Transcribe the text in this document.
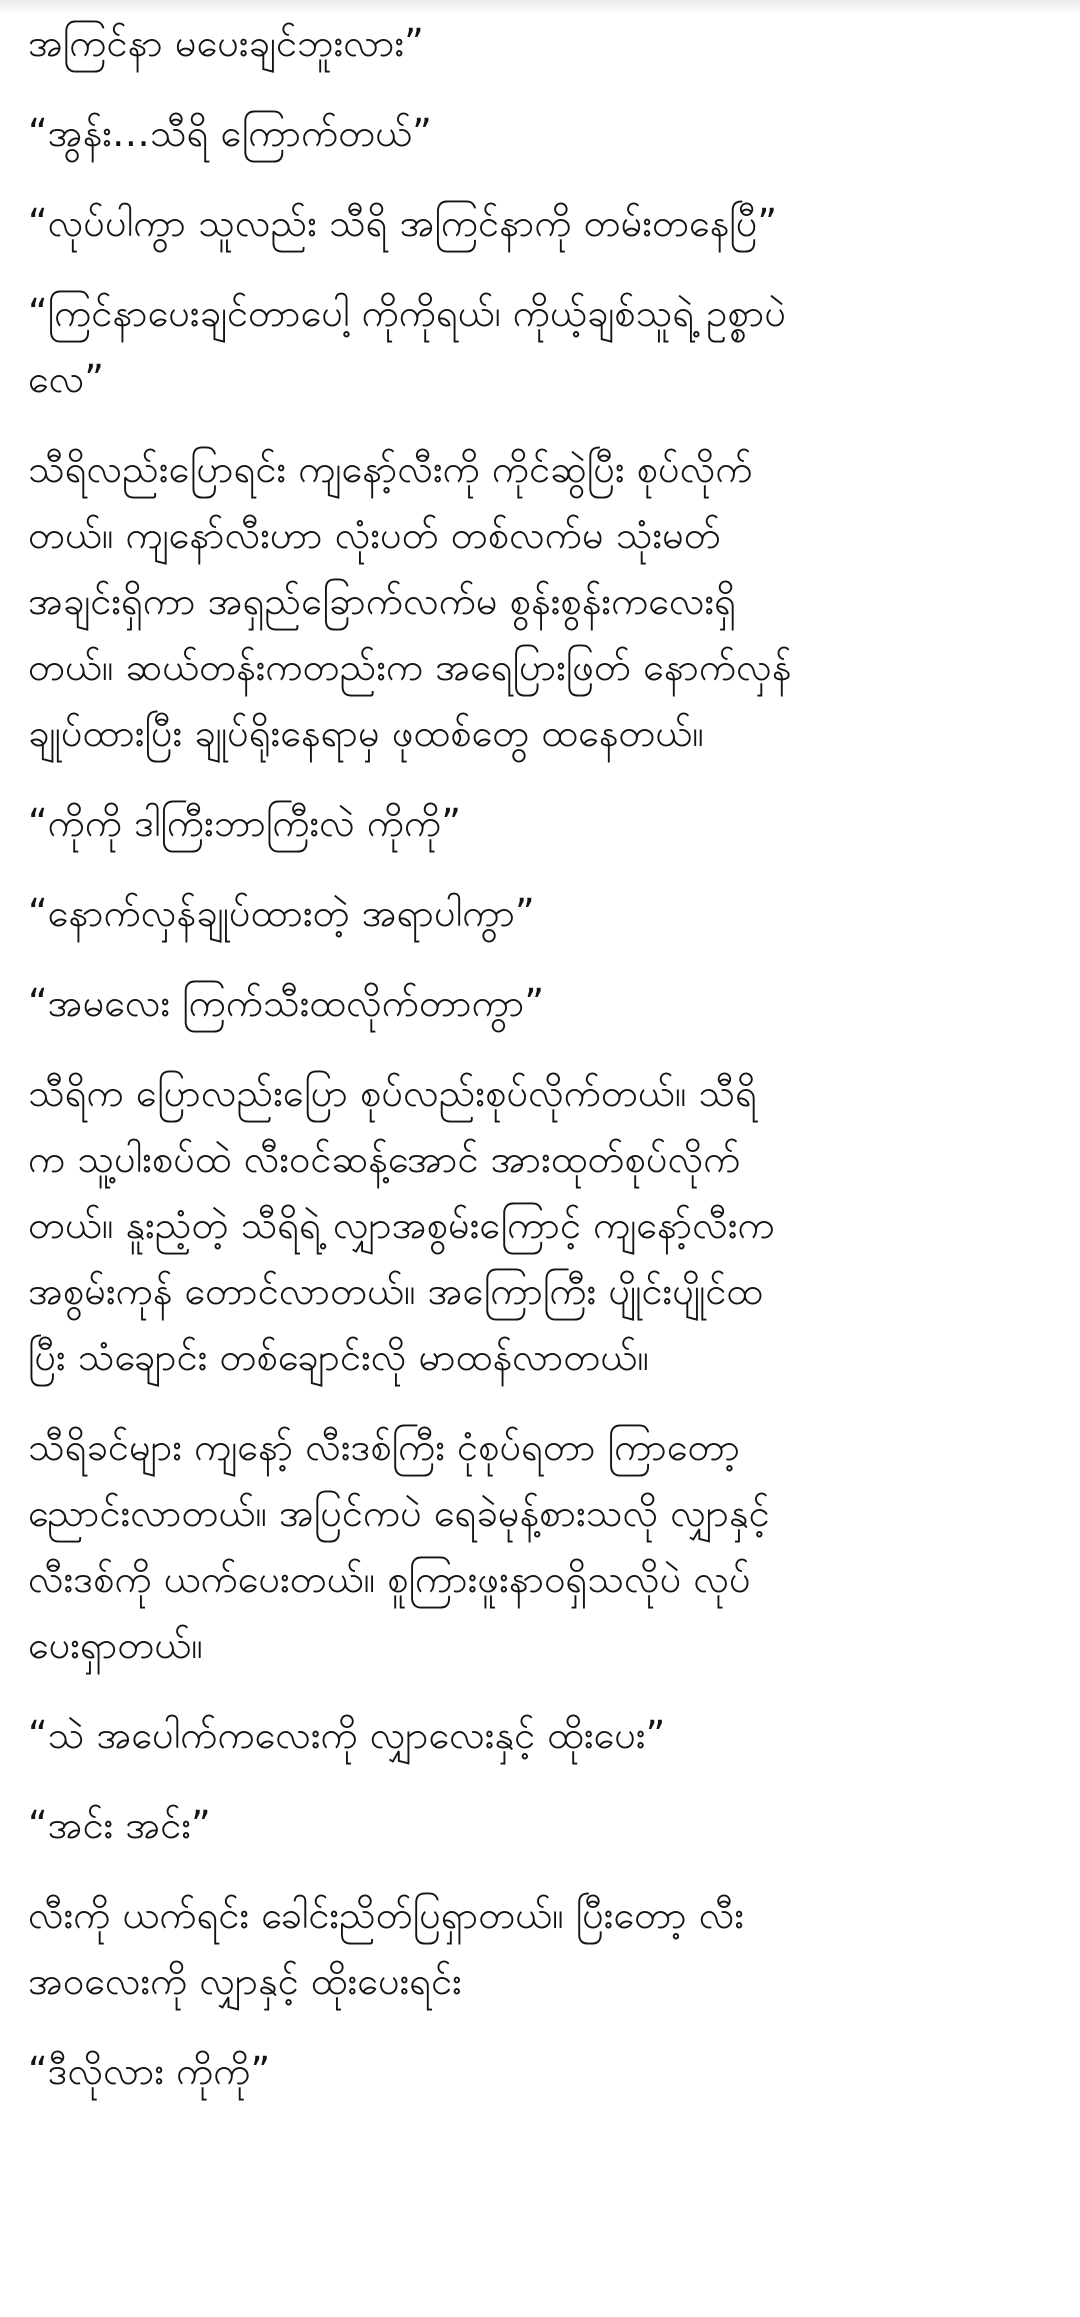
အကြင်နာ မပေးချင်ဘူးလား”

“အွန်း…သီရိ ကြောက်တယ်”

“လုပ်ပါကွာ သူလည်း သီရိ အကြင်နာကို တမ်းတနေပြီ”

“ကြင်နာပေးချင်တာပေါ့ ကိုကိုရယ်၊ ကိုယ့်ချစ်သူရဲ့ ဥစ္စာပဲ
လေ”

သီရိလည်းပြောရင်း ကျနော့်လီးကို ကိုင်ဆွဲပြီး စုပ်လိုက်
တယ်။ ကျနော်လီးဟာ လုံးပတ် တစ်လက်မ သုံးမတ်
အချင်းရှိကာ အရှည်ခြောက်လက်မ စွန်းစွန်းကလေးရှိ
တယ်။ ဆယ်တန်းကတည်းက အရေပြားဖြတ် နောက်လှန်
ချုပ်ထားပြီး ချုပ်ရိုးနေရာမှ ဖုထစ်တွေ ထနေတယ်။

“ကိုကို ဒါကြီးဘာကြီးလဲ ကိုကို”

“နောက်လှန်ချုပ်ထားတဲ့ အရာပါကွာ”

“အမလေး ကြက်သီးထလိုက်တာကွာ”

သီရိက ပြောလည်းပြော စုပ်လည်းစုပ်လိုက်တယ်။ သီရိ
က သူ့ပါးစပ်ထဲ လီးဝင်ဆန့်အောင် အားထုတ်စုပ်လိုက်
တယ်။ နူးညံ့တဲ့ သီရိရဲ့ လျှာအစွမ်းကြောင့် ကျနော့်လီးက
အစွမ်းကုန် တောင်လာတယ်။ အကြောကြီး ပျိုင်းပျိုင်ထ
ပြီး သံချောင်း တစ်ချောင်းလို မာထန်လာတယ်။

သီရိခင်များ ကျနော့် လီးဒစ်ကြီး ငုံစုပ်ရတာ ကြာတော့
ညောင်းလာတယ်။ အပြင်ကပဲ ရေခဲမုန့်စားသလို လျှာနှင့်
လီးဒစ်ကို ယက်ပေးတယ်။ စူကြားဖူးနာဝရှိသလိုပဲ လုပ်
ပေးရှာတယ်။

“သဲ အပေါက်ကလေးကို လျှာလေးနှင့် ထိုးပေး”

“အင်း အင်း”

လီးကို ယက်ရင်း ခေါင်းညိတ်ပြရှာတယ်။ ပြီးတော့ လီး
အဝလေးကို လျှာနှင့် ထိုးပေးရင်း

“ဒီလိုလား ကိုကို”
